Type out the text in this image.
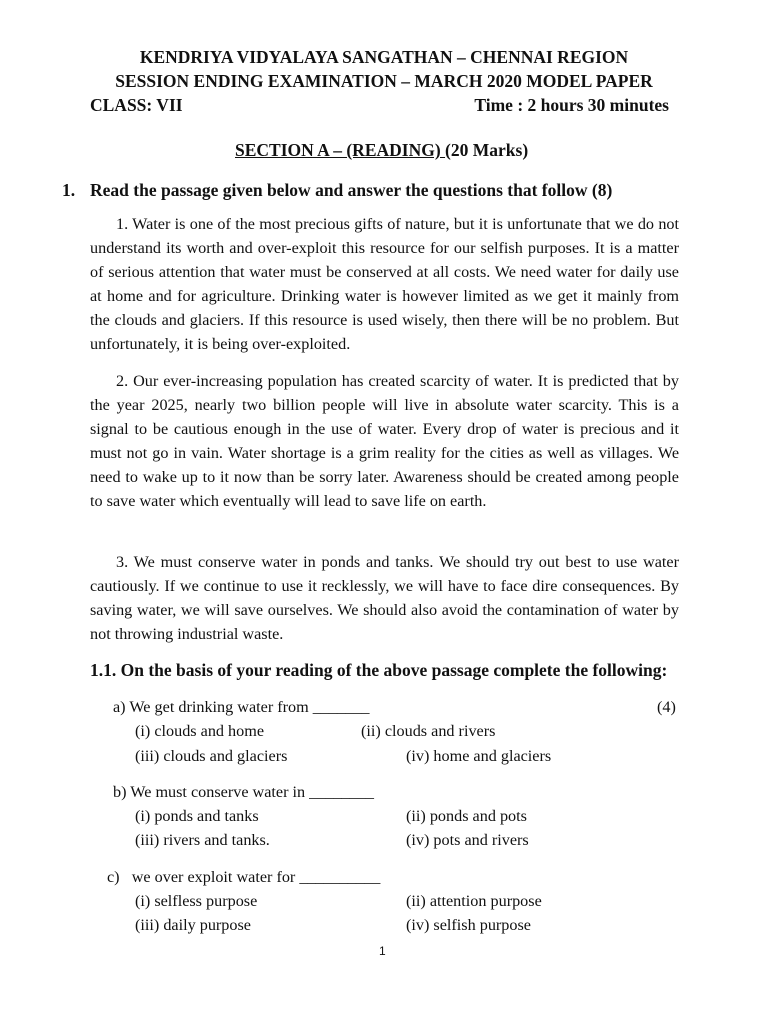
KENDRIYA VIDYALAYA SANGATHAN – CHENNAI REGION
SESSION ENDING EXAMINATION – MARCH 2020 MODEL PAPER
CLASS: VII	Time : 2 hours 30 minutes
SECTION A – (READING) (20 Marks)
1. Read the passage given below and answer the questions that follow (8)

1. Water is one of the most precious gifts of nature, but it is unfortunate that we do not understand its worth and over-exploit this resource for our selfish purposes. It is a matter of serious attention that water must be conserved at all costs. We need water for daily use at home and for agriculture. Drinking water is however limited as we get it mainly from the clouds and glaciers. If this resource is used wisely, then there will be no problem. But unfortunately, it is being over-exploited.

2. Our ever-increasing population has created scarcity of water. It is predicted that by the year 2025, nearly two billion people will live in absolute water scarcity. This is a signal to be cautious enough in the use of water. Every drop of water is precious and it must not go in vain. Water shortage is a grim reality for the cities as well as villages. We need to wake up to it now than be sorry later. Awareness should be created among people to save water which eventually will lead to save life on earth.

3. We must conserve water in ponds and tanks. We should try out best to use water cautiously. If we continue to use it recklessly, we will have to face dire consequences. By saving water, we will save ourselves. We should also avoid the contamination of water by not throwing industrial waste.

1.1. On the basis of your reading of the above passage complete the following:
a) We get drinking water from _______	(4)
(i) clouds and home	(ii) clouds and rivers
(iii) clouds and glaciers	(iv) home and glaciers
b) We must conserve water in ________
(i) ponds and tanks	(ii) ponds and pots
(iii) rivers and tanks.	(iv) pots and rivers
c)   we over exploit water for __________
(i) selfless purpose	(ii) attention purpose
(iii) daily purpose	(iv) selfish purpose
1
